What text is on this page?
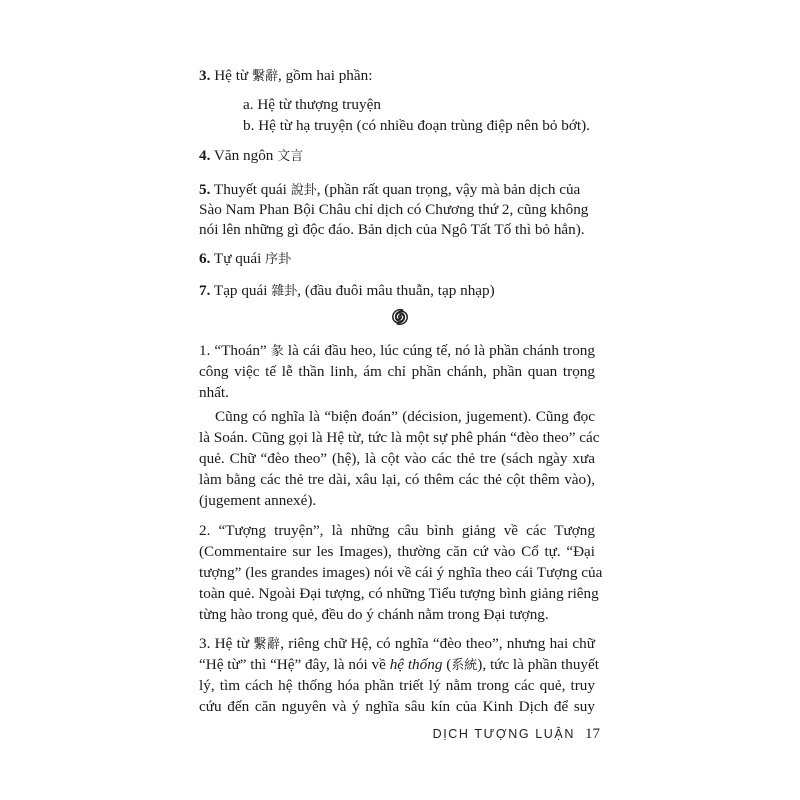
3. Hệ từ 繫辭, gồm hai phần:
a. Hệ từ thượng truyện
b. Hệ từ hạ truyện (có nhiều đoạn trùng điệp nên bỏ bớt).
4. Văn ngôn 文言
5. Thuyết quái 說卦, (phần rất quan trọng, vậy mà bản dịch của
Sào Nam Phan Bội Châu chỉ dịch có Chương thứ 2, cũng không
nói lên những gì độc đáo. Bản dịch của Ngô Tất Tố thì bỏ hẳn).
6. Tự quái 序卦
7. Tạp quái 雜卦, (đầu đuôi mâu thuẫn, tạp nhạp)
1. “Thoán” 彖 là cái đầu heo, lúc cúng tế, nó là phần chánh trong
công việc tế lễ thần linh, ám chỉ phần chánh, phần quan trọng
nhất.
Cũng có nghĩa là “biện đoán” (décision, jugement). Cũng đọc
là Soán. Cũng gọi là Hệ từ, tức là một sự phê phán “đèo theo” các
quẻ. Chữ “đèo theo” (hệ), là cột vào các thẻ tre (sách ngày xưa
làm bằng các thẻ tre dài, xâu lại, có thêm các thẻ cột thêm vào),
(jugement annexé).
2. “Tượng truyện”, là những câu bình giảng về các Tượng
(Commentaire sur les Images), thường căn cứ vào Cổ tự. “Đại
tượng” (les grandes images) nói về cái ý nghĩa theo cái Tượng của
toàn quẻ. Ngoài Đại tượng, có những Tiểu tượng bình giảng riêng
từng hào trong quẻ, đều do ý chánh nằm trong Đại tượng.
3. Hệ từ 繫辭, riêng chữ Hệ, có nghĩa “đèo theo”, nhưng hai chữ
“Hệ từ” thì “Hệ” đây, là nói về hệ thống (系統), tức là phần thuyết
lý, tìm cách hệ thống hóa phần triết lý nằm trong các quẻ, truy
cứu đến căn nguyên và ý nghĩa sâu kín của Kinh Dịch để suy
DỊCH TƯỢNG LUẬN 17
